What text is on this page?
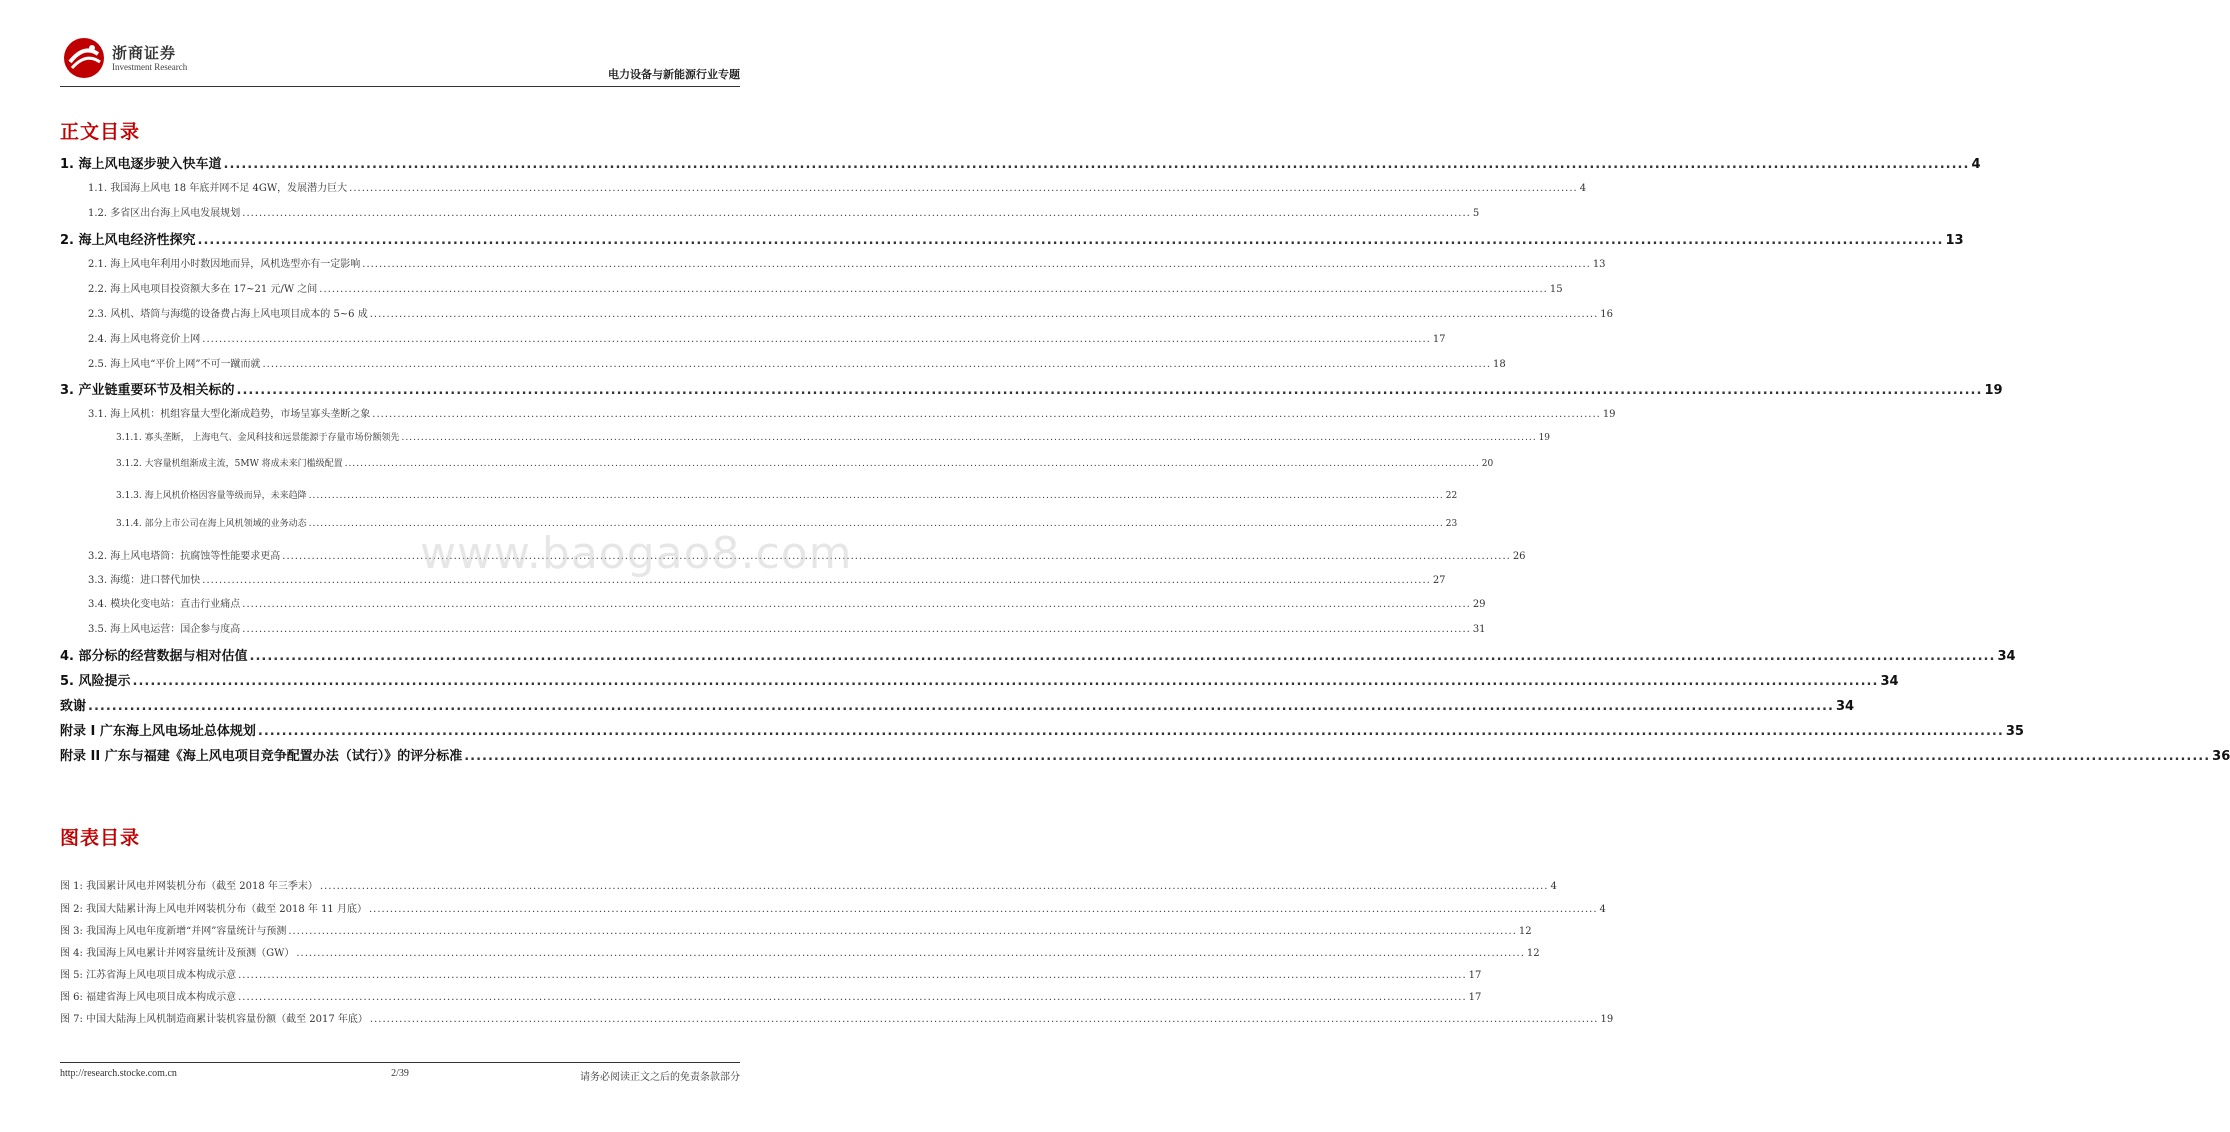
浙商证券
Investment Research
电力设备与新能源行业专题
正文目录
1. 海上风电逐步驶入快车道 .....	4
1.1. 我国海上风电 18 年底并网不足 4GW，发展潜力巨大 .....	4
1.2. 多省区出台海上风电发展规划 .....	5
2. 海上风电经济性探究 .....	13
2.1. 海上风电年利用小时数因地而异，风机选型亦有一定影响 .....	13
2.2. 海上风电项目投资额大多在 17~21 元/W 之间 .....	15
2.3. 风机、塔筒与海缆的设备费占海上风电项目成本的 5~6 成 .....	16
2.4. 海上风电将竞价上网 .....	17
2.5. 海上风电“平价上网”不可一蹴而就 .....	18
3. 产业链重要环节及相关标的 .....	19
3.1. 海上风机：机组容量大型化渐成趋势，市场呈寡头垄断之象 .....	19
3.1.1. 寡头垄断， 上海电气、金风科技和远景能源于存量市场份额领先 .....	19
3.1.2. 大容量机组渐成主流，5MW 将成未来门槛级配置 .....	20
3.1.3. 海上风机价格因容量等级而异，未来趋降 .....	22
3.1.4. 部分上市公司在海上风机领域的业务动态 .....	23
3.2. 海上风电塔筒：抗腐蚀等性能要求更高 .....	26
3.3. 海缆：进口替代加快 .....	27
3.4. 模块化变电站：直击行业痛点 .....	29
3.5. 海上风电运营：国企参与度高 .....	31
4. 部分标的经营数据与相对估值 .....	34
5. 风险提示 .....	34
致谢 .....	34
附录 I 广东海上风电场址总体规划 .....	35
附录 II 广东与福建《海上风电项目竞争配置办法（试行）》的评分标准 .....	36
www.baogao8.com
图表目录
图 1: 我国累计风电并网装机分布（截至 2018 年三季末） .....	4
图 2: 我国大陆累计海上风电并网装机分布（截至 2018 年 11 月底） .....	4
图 3: 我国海上风电年度新增“并网”容量统计与预测 .....	12
图 4: 我国海上风电累计并网容量统计及预测（GW） .....	12
图 5: 江苏省海上风电项目成本构成示意 .....	17
图 6: 福建省海上风电项目成本构成示意 .....	17
图 7: 中国大陆海上风机制造商累计装机容量份额（截至 2017 年底） .....	19
http://research.stocke.com.cn	2/39	请务必阅读正文之后的免责条款部分
